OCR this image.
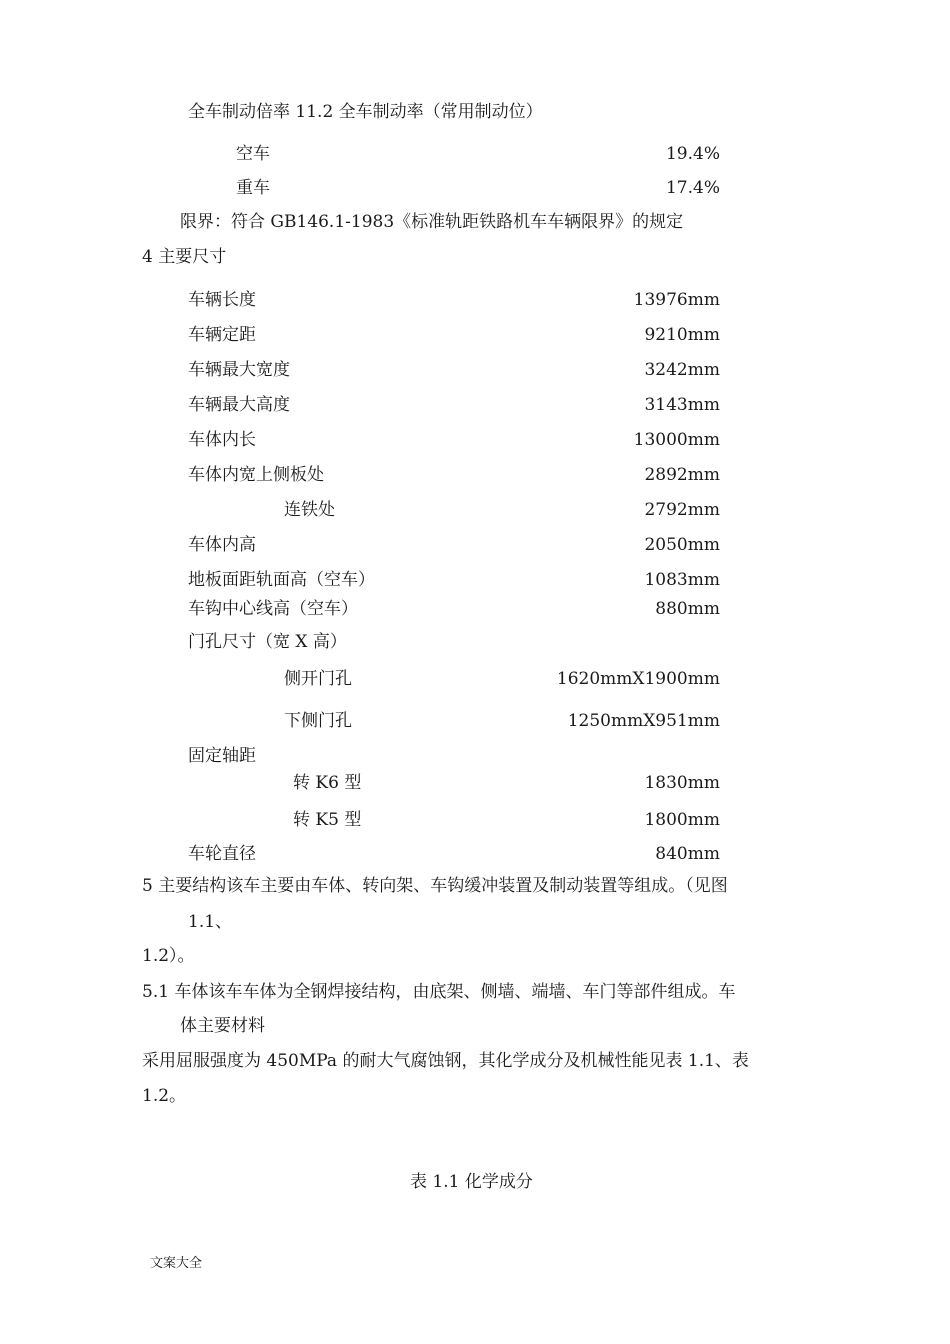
全车制动倍率 11.2 全车制动率（常用制动位）
空车	19.4%
重车	17.4%
限界：符合 GB146.1-1983《标准轨距铁路机车车辆限界》的规定
4 主要尺寸
车辆长度	13976mm
车辆定距	9210mm
车辆最大宽度	3242mm
车辆最大高度	3143mm
车体内长	13000mm
车体内宽上侧板处	2892mm
连铁处	2792mm
车体内高	2050mm
地板面距轨面高（空车）	1083mm
车钩中心线高（空车）	880mm
门孔尺寸（宽 X 高）
侧开门孔	1620mmX1900mm
下侧门孔	1250mmX951mm
固定轴距
转 K6 型	1830mm
转 K5 型	1800mm
车轮直径	840mm
5 主要结构该车主要由车体、转向架、车钩缓冲装置及制动装置等组成。（见图
1.1、
1.2）。
5.1 车体该车车体为全钢焊接结构，由底架、侧墙、端墙、车门等部件组成。车
体主要材料
采用屈服强度为 450MPa 的耐大气腐蚀钢，其化学成分及机械性能见表 1.1、表
1.2。
表 1.1 化学成分
文案大全
